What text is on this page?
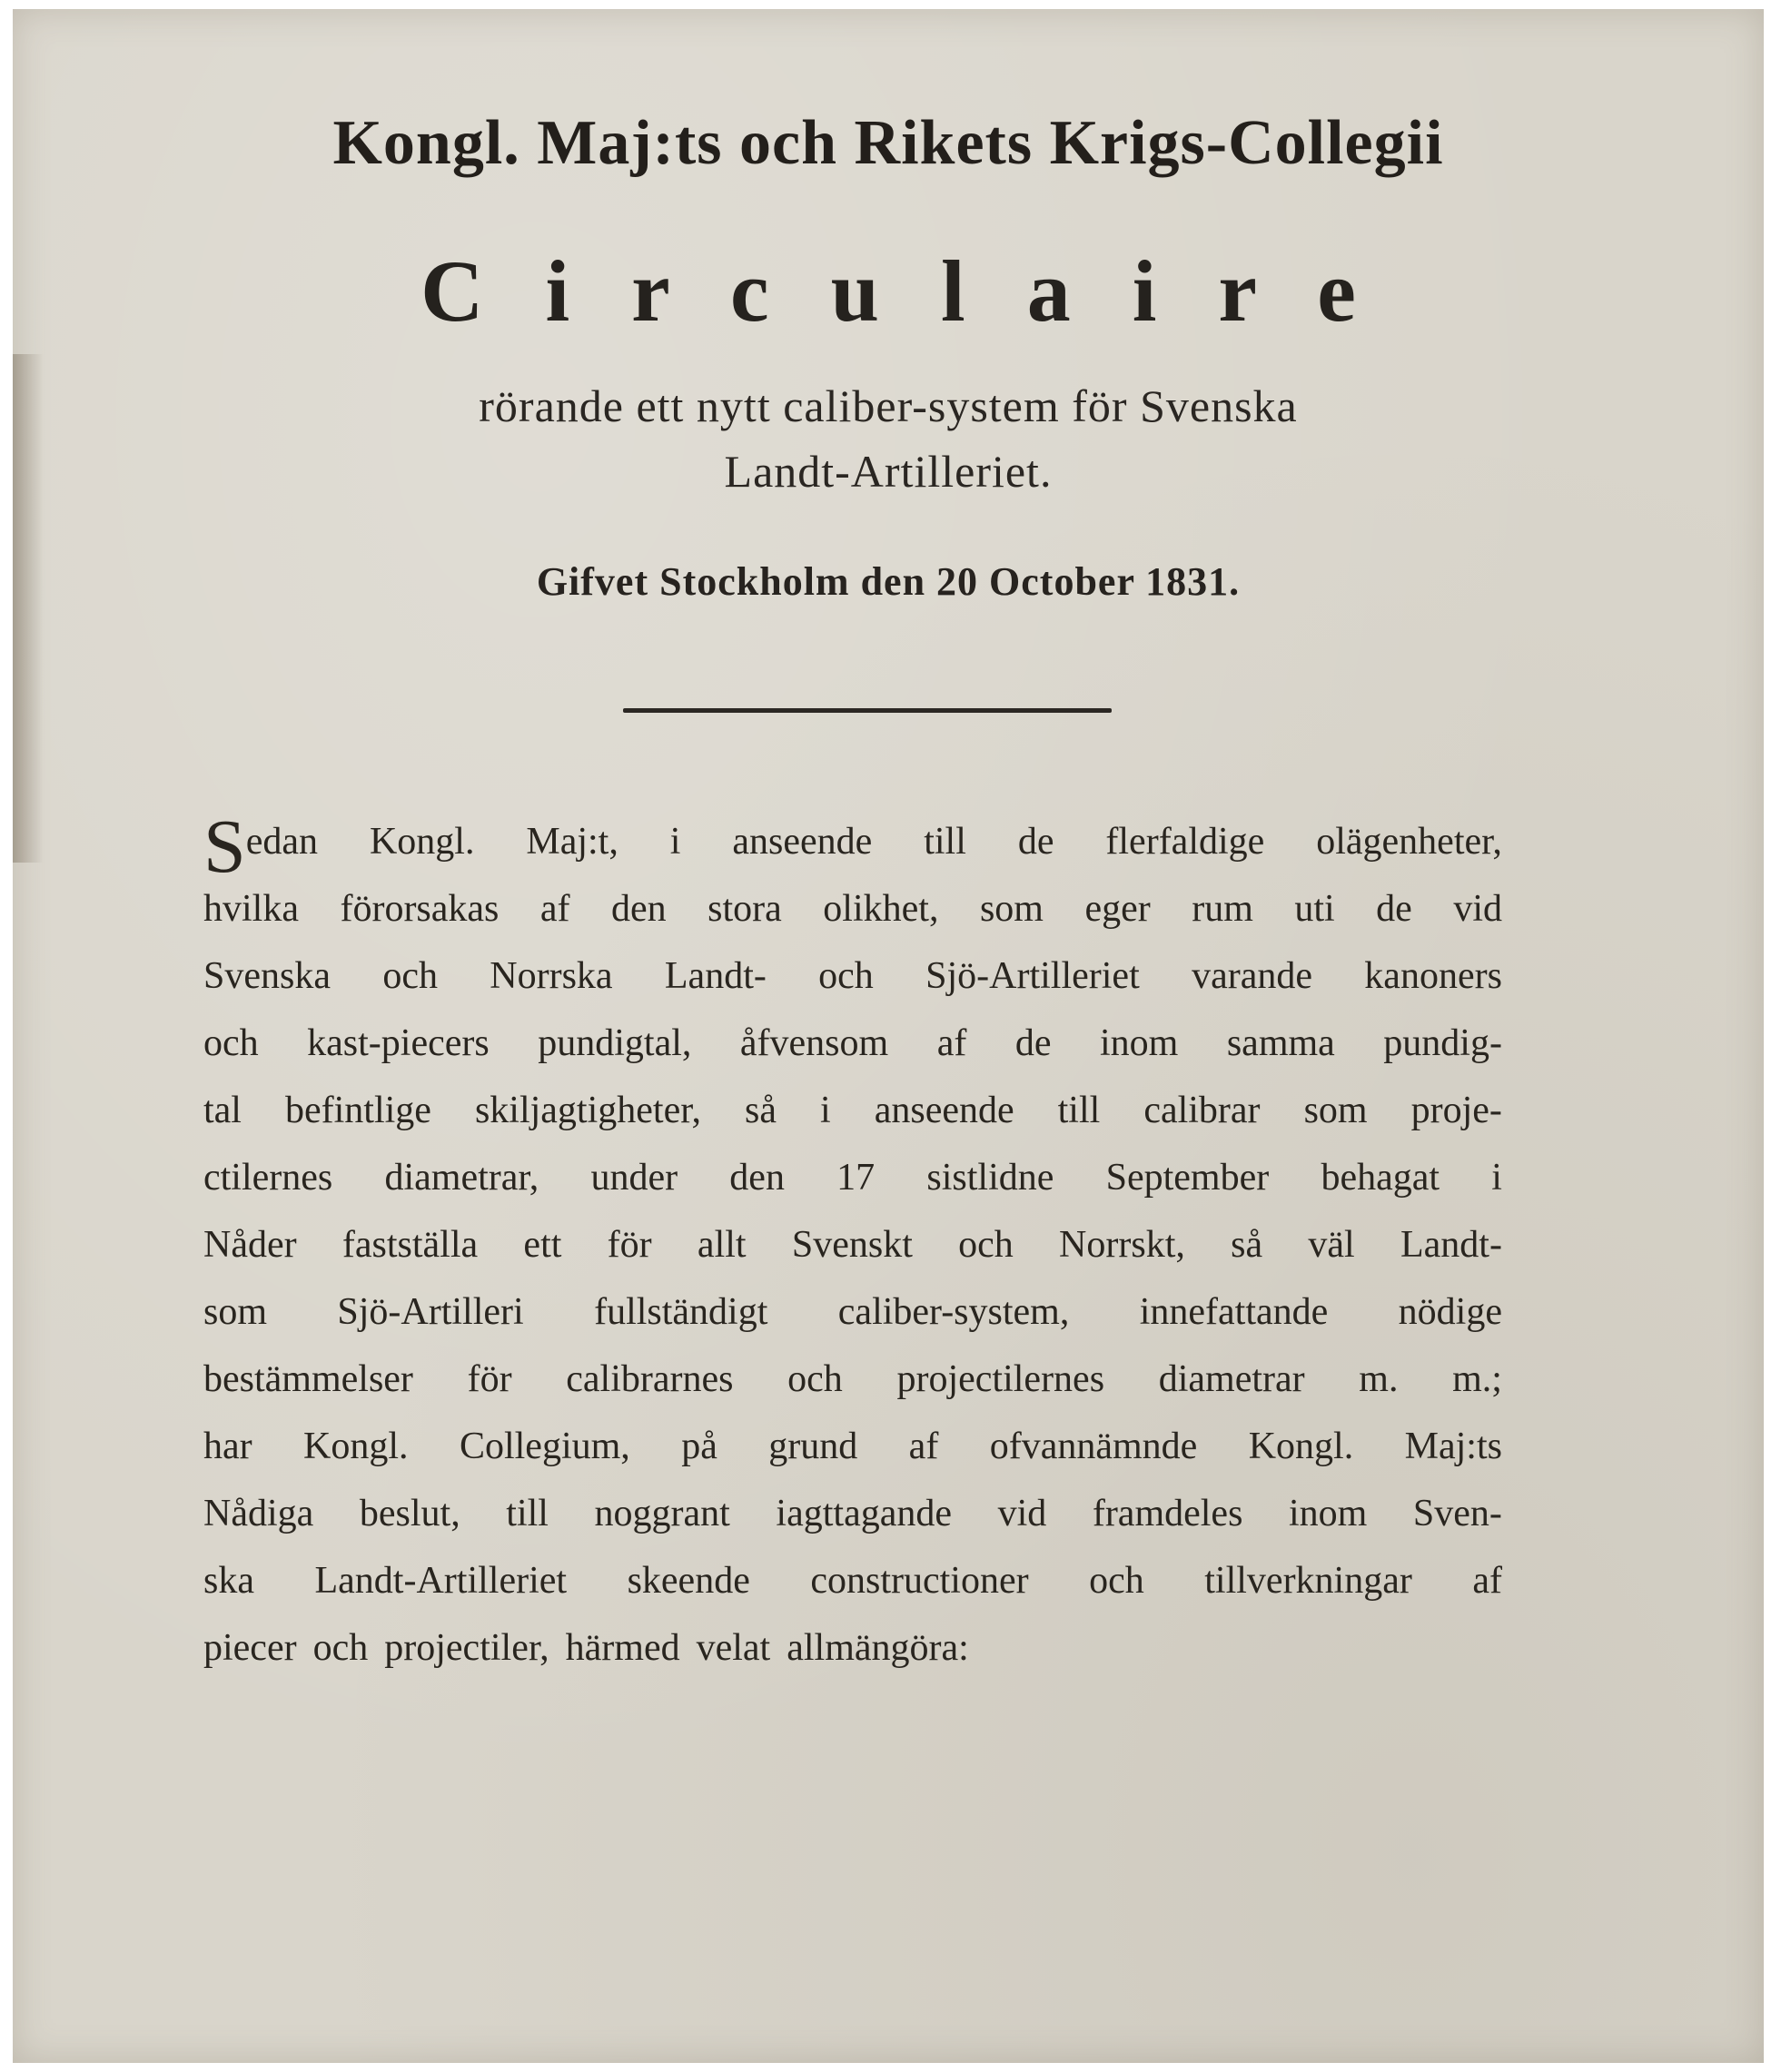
Kongl. Maj:ts och Rikets Krigs-Collegii
Circulaire

rörande ett nytt caliber-system för Svenska

Landt-Artilleriet.

Gifvet Stockholm den 20 October 1831.

S edan Kongl. Maj:t, i anseende till de flerfaldige olägenheter,
hvilka förorsakas af den stora olikhet, som eger rum uti de vid
Svenska och Norrska Landt- och Sjö-Artilleriet varande kanoners
och kast-piecers pundigtal, åfvensom af de inom samma pundig-
tal befintlige skiljagtigheter, så i anseende till calibrar som proje-
ctilernes diametrar, under den 17 sistlidne September behagat i
Nåder fastställa ett för allt Svenskt och Norrskt, så väl Landt-
som Sjö-Artilleri fullständigt caliber-system, innefattande nödige
bestämmelser för calibrarnes och projectilernes diametrar m. m.;
har Kongl. Collegium, på grund af ofvannämnde Kongl. Maj:ts
Nådiga beslut, till noggrant iagttagande vid framdeles inom Sven-
ska Landt-Artilleriet skeende constructioner och tillverkningar af
piecer och projectiler, härmed velat allmängöra:
